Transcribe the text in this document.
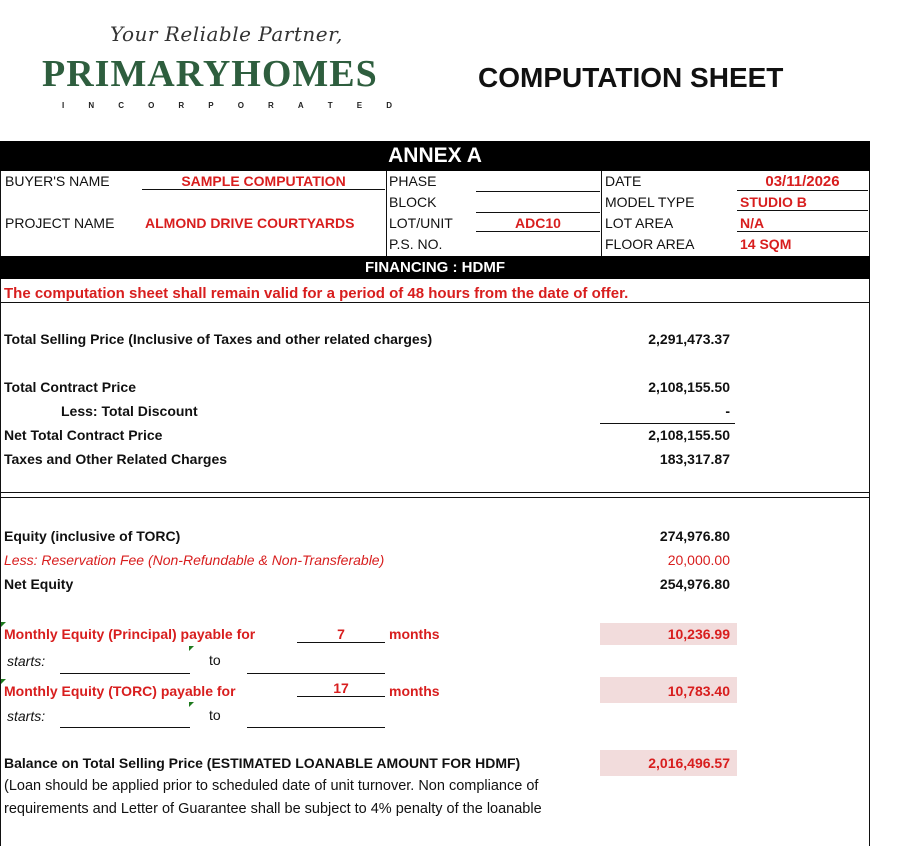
Your Reliable Partner,
PRIMARYHOMES
I	N	C	O	R	P	O	R	A	T	E	D
COMPUTATION SHEET
ANNEX A
BUYER'S NAME	SAMPLE COMPUTATION
PROJECT NAME ALMOND DRIVE COURTYARDS
PHASE
BLOCK
LOT/UNIT	ADC10
P.S. NO.
DATE	03/11/2026
MODEL TYPE	STUDIO B
LOT AREA	N/A
FLOOR AREA	14 SQM
FINANCING : HDMF
The computation sheet shall remain valid for a period of 48 hours from the date of offer.
Total Selling Price (Inclusive of Taxes and other related charges)	2,291,473.37
Total Contract Price	2,108,155.50
Less: Total Discount	-
Net Total Contract Price	2,108,155.50
Taxes and Other Related Charges	183,317.87
Equity (inclusive of TORC)	274,976.80
Less: Reservation Fee (Non-Refundable & Non-Transferable)	20,000.00
Net Equity	254,976.80
Monthly Equity (Principal) payable for	7	months	10,236.99
starts:	to
Monthly Equity (TORC) payable for	17	months	10,783.40
starts:	to
Balance on Total Selling Price (ESTIMATED LOANABLE AMOUNT FOR HDMF)	2,016,496.57
(Loan should be applied prior to scheduled date of unit turnover. Non compliance of
requirements and Letter of Guarantee shall be subject to 4% penalty of the loanable
